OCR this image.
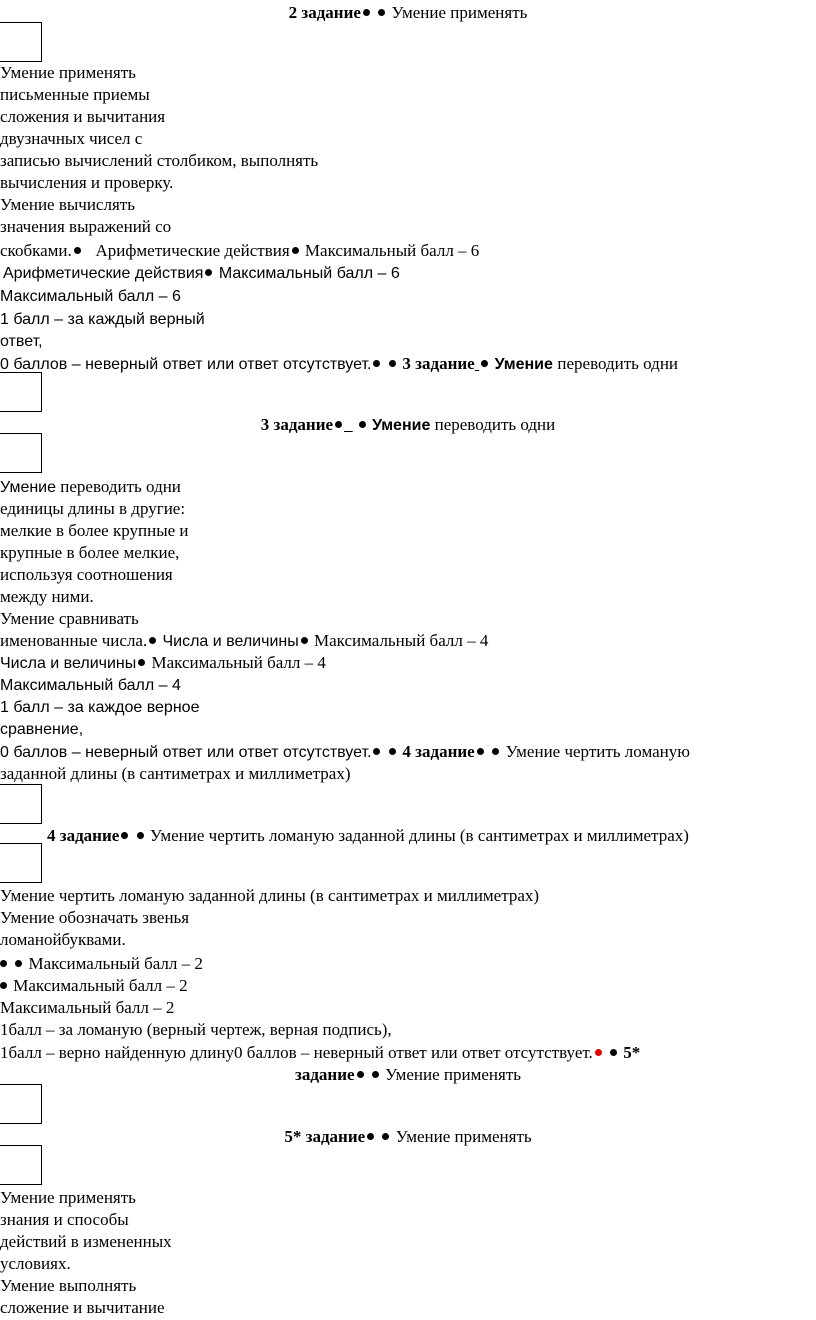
2 задание Умение применять
Умение применять
письменные приемы
сложения и вычитания
двузначных чисел с
записью вычислений столбиком, выполнять
вычисления и проверку.
Умение вычислять
значения выражений со
скобками. Арифметические действия Максимальный балл – 6
Арифметические действия Максимальный балл – 6
Максимальный балл – 6
1 балл – за каждый верный
ответ,
0 баллов – неверный ответ или ответ отсутствует. 3 задание Умение переводить одни
3 задание _ Умение переводить одни
Умение переводить одни
единицы длины в другие:
мелкие в более крупные и
крупные в более мелкие,
используя соотношения
между ними.
Умение сравнивать
именованные числа. Числа и величины Максимальный балл – 4
Числа и величины Максимальный балл – 4
Максимальный балл – 4
1 балл – за каждое верное
сравнение,
0 баллов – неверный ответ или ответ отсутствует. 4 задание Умение чертить ломаную
заданной длины (в сантиметрах и миллиметрах)
4 задание Умение чертить ломаную заданной длины (в сантиметрах и миллиметрах)
Умение чертить ломаную заданной длины (в сантиметрах и миллиметрах)
Умение обозначать звенья
ломанойбуквами.
Максимальный балл – 2
Максимальный балл – 2
Максимальный балл – 2
1балл – за ломаную (верный чертеж, верная подпись),
1балл – верно найденную длину0 баллов – неверный ответ или ответ отсутствует. 5*
задание Умение применять
5* задание Умение применять
Умение применять
знания и способы
действий в измененных
условиях.
Умение выполнять
сложение и вычитание
